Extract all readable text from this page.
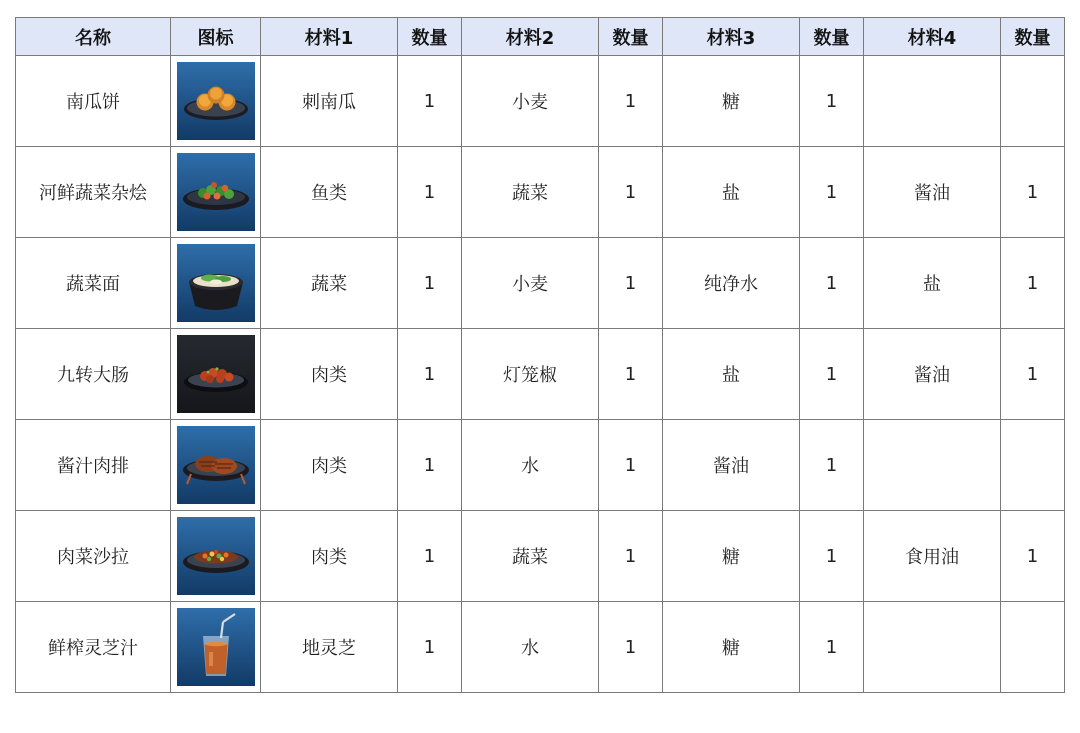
名称	图标	材料1	数量	材料2	数量	材料3	数量	材料4	数量
南瓜饼		刺南瓜	1	小麦	1	糖	1		
河鲜蔬菜杂烩		鱼类	1	蔬菜	1	盐	1	酱油	1
蔬菜面		蔬菜	1	小麦	1	纯净水	1	盐	1
九转大肠		肉类	1	灯笼椒	1	盐	1	酱油	1
酱汁肉排		肉类	1	水	1	酱油	1		
肉菜沙拉		肉类	1	蔬菜	1	糖	1	食用油	1
鲜榨灵芝汁		地灵芝	1	水	1	糖	1		
